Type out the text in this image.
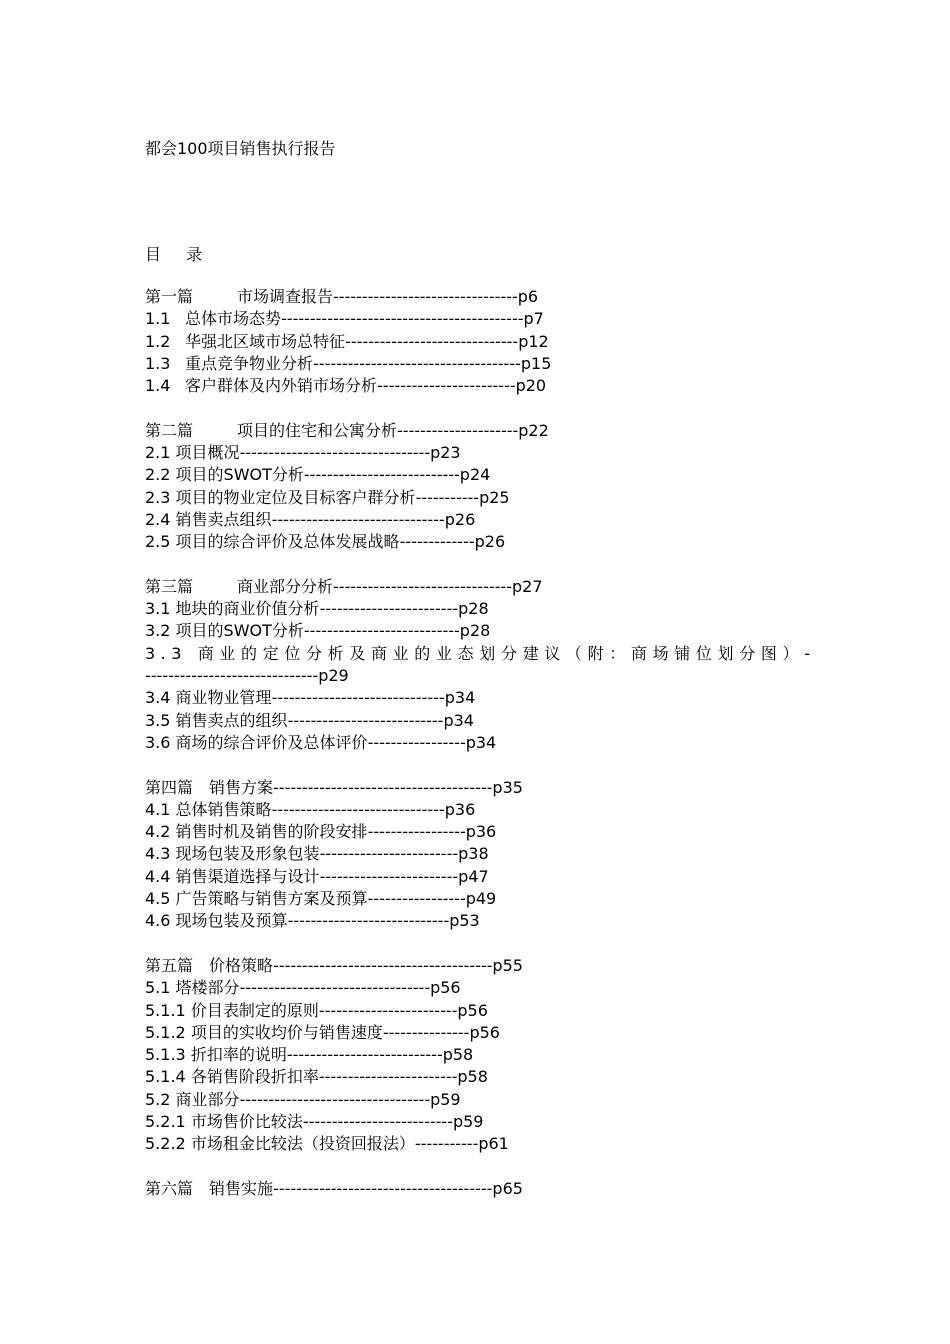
都会100项目销售执行报告
目 录
第一篇	市场调查报告--------------------------------p6
1.1 总体市场态势------------------------------------------p7
1.2 华强北区域市场总特征------------------------------p12
1.3 重点竞争物业分析------------------------------------p15
1.4 客户群体及内外销市场分析------------------------p20
第二篇	项目的住宅和公寓分析---------------------p22
2.1 项目概况---------------------------------p23
2.2 项目的SWOT分析---------------------------p24
2.3 项目的物业定位及目标客户群分析-----------p25
2.4 销售卖点组织------------------------------p26
2.5 项目的综合评价及总体发展战略-------------p26
第三篇	商业部分分析-------------------------------p27
3.1 地块的商业价值分析------------------------p28
3.2 项目的SWOT分析---------------------------p28
3.3 商业的定位分析及商业的业态划分建议（附：商场铺位划分图）-------------------------------p29
3.4 商业物业管理------------------------------p34
3.5 销售卖点的组织---------------------------p34
3.6 商场的综合评价及总体评价-----------------p34
第四篇 销售方案--------------------------------------p35
4.1 总体销售策略------------------------------p36
4.2 销售时机及销售的阶段安排-----------------p36
4.3 现场包装及形象包装------------------------p38
4.4 销售渠道选择与设计------------------------p47
4.5 广告策略与销售方案及预算-----------------p49
4.6 现场包装及预算----------------------------p53
第五篇 价格策略--------------------------------------p55
5.1 塔楼部分---------------------------------p56
5.1.1 价目表制定的原则------------------------p56
5.1.2 项目的实收均价与销售速度---------------p56
5.1.3 折扣率的说明---------------------------p58
5.1.4 各销售阶段折扣率------------------------p58
5.2 商业部分---------------------------------p59
5.2.1 市场售价比较法--------------------------p59
5.2.2 市场租金比较法（投资回报法）-----------p61
第六篇 销售实施--------------------------------------p65
